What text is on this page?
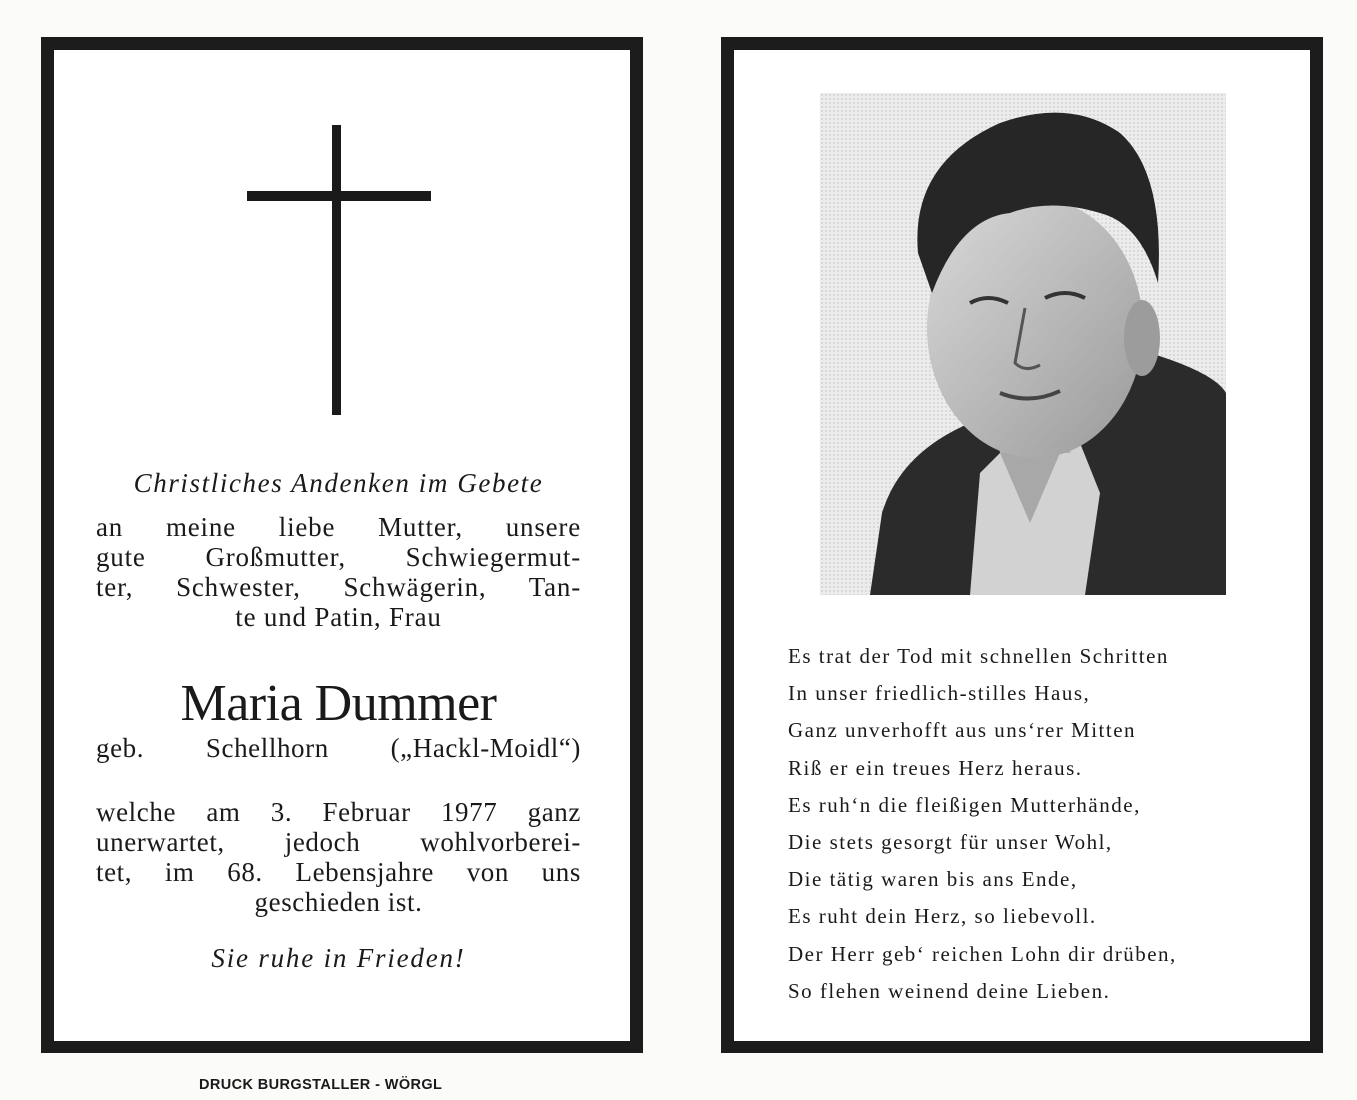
Christliches Andenken im Gebete
an meine liebe Mutter, unsere
gute Großmutter, Schwiegermut-
ter, Schwester, Schwägerin, Tan-
te und Patin, Frau
Maria Dummer
geb. Schellhorn („Hackl-Moidl“)
welche am 3. Februar 1977 ganz
unerwartet, jedoch wohlvorberei-
tet, im 68. Lebensjahre von uns
geschieden ist.
Sie ruhe in Frieden!
Es trat der Tod mit schnellen Schritten
In unser friedlich-stilles Haus,
Ganz unverhofft aus uns‘rer Mitten
Riß er ein treues Herz heraus.
Es ruh‘n die fleißigen Mutterhände,
Die stets gesorgt für unser Wohl,
Die tätig waren bis ans Ende,
Es ruht dein Herz, so liebevoll.
Der Herr geb‘ reichen Lohn dir drüben,
So flehen weinend deine Lieben.
DRUCK BURGSTALLER - WÖRGL
